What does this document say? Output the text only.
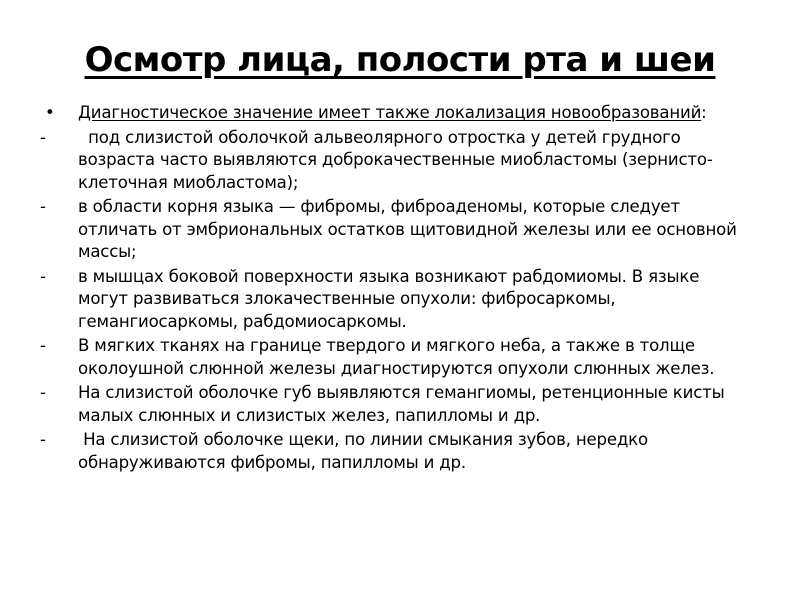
Осмотр лица, полости рта и шеи
•	Диагностическое значение имеет также локализация новообразований:
-	под слизистой оболочкой альвеолярного отростка у детей грудного возраста часто выявляются доброкачественные миобластомы (зернисто-клеточная миобластома);
-	в области корня языка — фибромы, фиброаденомы, которые следует отличать от эмбриональных остатков щитовидной железы или ее основной массы;
-	в мышцах боковой поверхности языка возникают рабдомиомы. В языке могут развиваться злокачественные опухоли: фибросаркомы, гемангиосаркомы, рабдомиосаркомы.
-	В мягких тканях на границе твердого и мягкого неба, а также в толще околоушной слюнной железы диагностируются опухоли слюнных желез.
-	На слизистой оболочке губ выявляются гемангиомы, ретенционные кисты малых слюнных и слизистых желез, папилломы и др.
-	На слизистой оболочке щеки, по линии смыкания зубов, нередко обнаруживаются фибромы, папилломы и др.
